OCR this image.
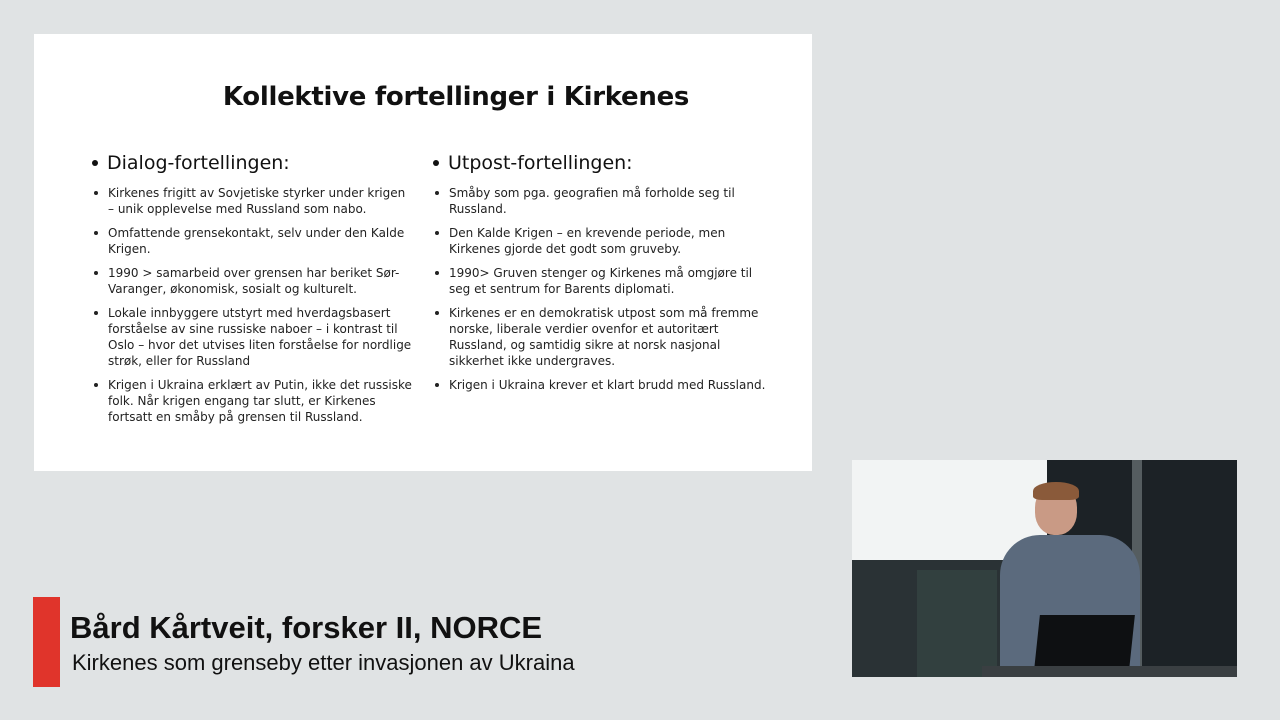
Kollektive fortellinger i Kirkenes
Dialog-fortellingen:
Kirkenes frigitt av Sovjetiske styrker under krigen – unik opplevelse med Russland som nabo.
Omfattende grensekontakt, selv under den Kalde Krigen.
1990 > samarbeid over grensen har beriket Sør-Varanger, økonomisk, sosialt og kulturelt.
Lokale innbyggere utstyrt med hverdagsbasert forståelse av sine russiske naboer – i kontrast til Oslo – hvor det utvises liten forståelse for nordlige strøk, eller for Russland
Krigen i Ukraina erklært av Putin, ikke det russiske folk. Når krigen engang tar slutt, er Kirkenes fortsatt en småby på grensen til Russland.
Utpost-fortellingen:
Småby som pga. geografien må forholde seg til Russland.
Den Kalde Krigen – en krevende periode, men Kirkenes gjorde det godt som gruveby.
1990> Gruven stenger og Kirkenes må omgjøre til seg et sentrum for Barents diplomati.
Kirkenes er en demokratisk utpost som må fremme norske, liberale verdier ovenfor et autoritært Russland, og samtidig sikre at norsk nasjonal sikkerhet ikke undergraves.
Krigen i Ukraina krever et klart brudd med Russland.
Bård Kårtveit, forsker II, NORCE
Kirkenes som grenseby etter invasjonen av Ukraina
